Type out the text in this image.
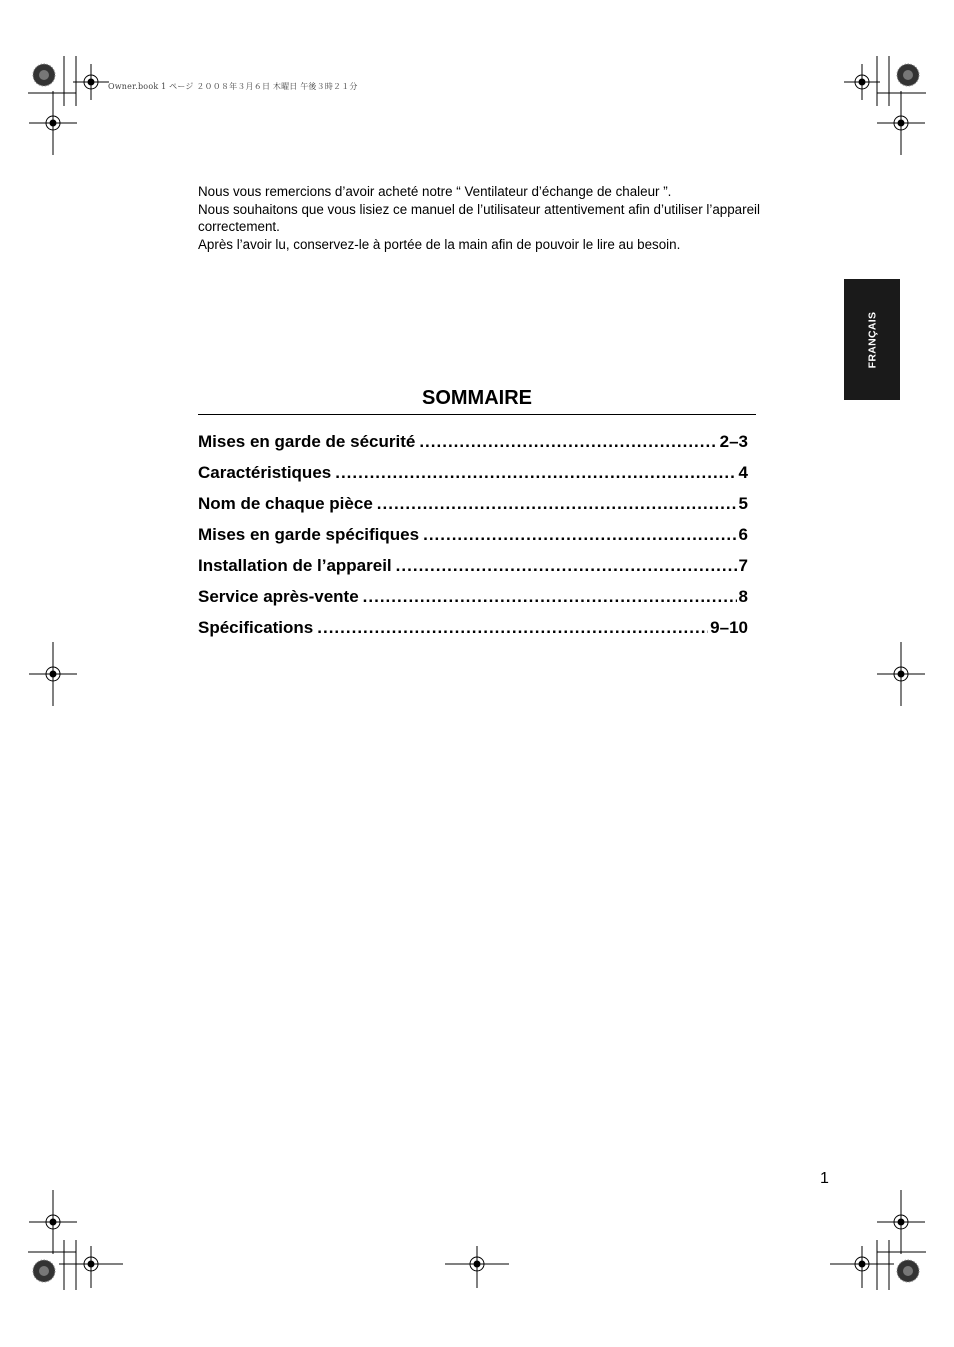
Owner.book 1 ページ ２００８年３月６日 木曜日 午後３時２１分

Nous vous remercions d’avoir acheté notre “ Ventilateur d’échange de chaleur ”.

Nous souhaitons que vous lisiez ce manuel de l’utilisateur attentivement afin d’utiliser l’appareil correctement.

Après l’avoir lu, conservez-le à portée de la main afin de pouvoir le lire au besoin.

FRANÇAIS
SOMMAIRE
Mises en garde de sécurité .....	2–3
Caractéristiques .....	4
Nom de chaque pièce .....	5
Mises en garde spécifiques .....	6
Installation de l’appareil .....	7
Service après-vente .....	8
Spécifications .....	9–10
1
